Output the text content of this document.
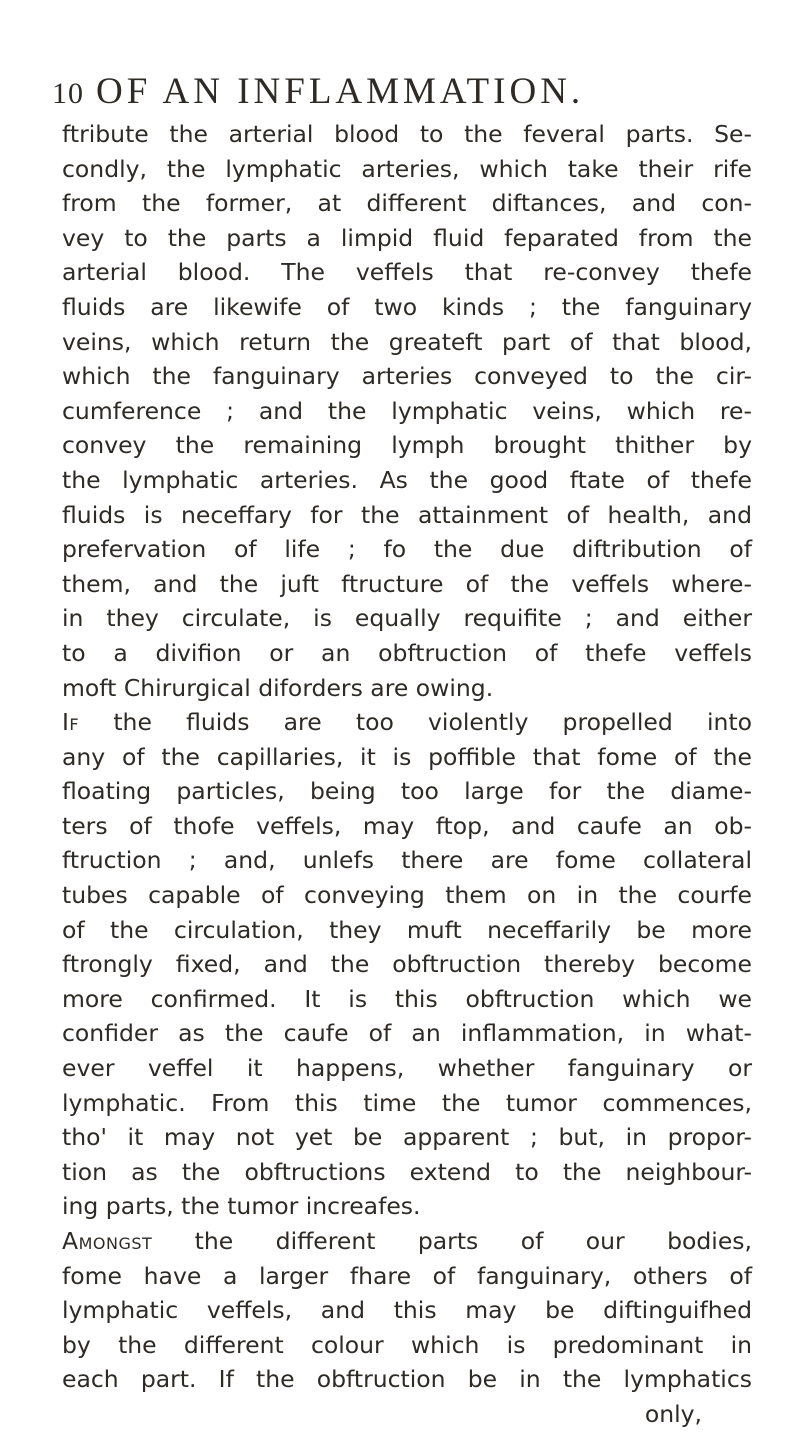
10 OF AN INFLAMMATION.
ftribute the arterial blood to the feveral parts. Se-
condly, the lymphatic arteries, which take their rife
from the former, at different diftances, and con-
vey to the parts a limpid fluid feparated from the
arterial blood. The veffels that re-convey thefe
fluids are likewife of two kinds ; the fanguinary
veins, which return the greateft part of that blood,
which the fanguinary arteries conveyed to the cir-
cumference ; and the lymphatic veins, which re-
convey the remaining lymph brought thither by
the lymphatic arteries. As the good ftate of thefe
fluids is neceffary for the attainment of health, and
prefervation of life ; fo the due diftribution of
them, and the juft ftructure of the veffels where-
in they circulate, is equally requifite ; and either
to a divifion or an obftruction of thefe veffels
moft Chirurgical diforders are owing.
If the fluids are too violently propelled into
any of the capillaries, it is poffible that fome of the
floating particles, being too large for the diame-
ters of thofe veffels, may ftop, and caufe an ob-
ftruction ; and, unlefs there are fome collateral
tubes capable of conveying them on in the courfe
of the circulation, they muft neceffarily be more
ftrongly fixed, and the obftruction thereby become
more confirmed. It is this obftruction which we
confider as the caufe of an inflammation, in what-
ever veffel it happens, whether fanguinary or
lymphatic. From this time the tumor commences,
tho' it may not yet be apparent ; but, in propor-
tion as the obftructions extend to the neighbour-
ing parts, the tumor increafes.
Amongst the different parts of our bodies,
fome have a larger fhare of fanguinary, others of
lymphatic veffels, and this may be diftinguifhed
by the different colour which is predominant in
each part. If the obftruction be in the lymphatics
only,
